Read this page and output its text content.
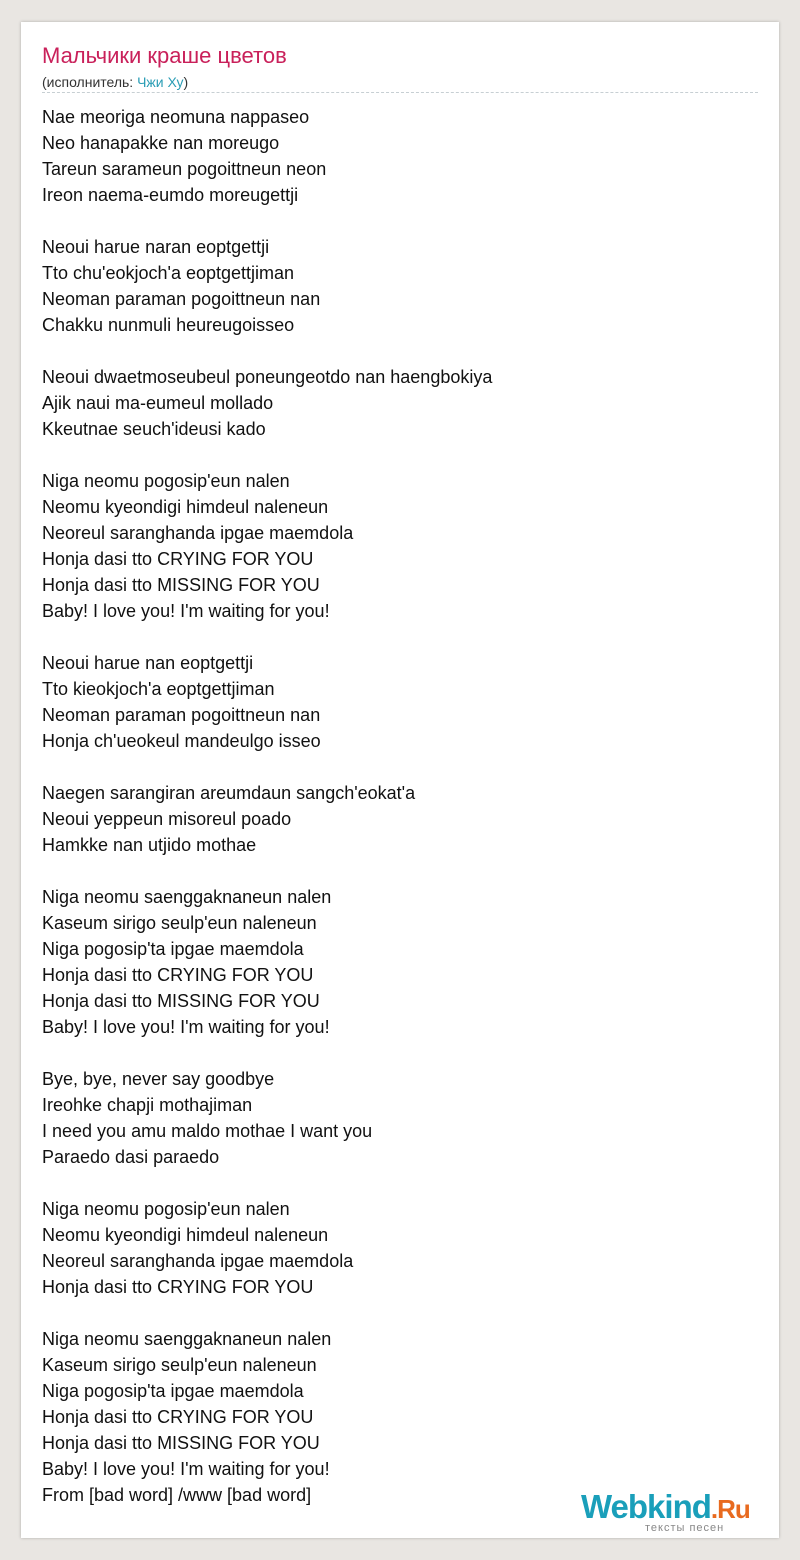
Мальчики краше цветов
(исполнитель: Чжи Ху)
Nae meoriga neomuna nappaseo
Neo hanapakke nan moreugo
Tareun sarameun pogoittneun neon
Ireon naema-eumdo moreugettji
Neoui harue naran eoptgettji
Tto chu'eokjoch'a eoptgettjiman
Neoman paraman pogoittneun nan
Chakku nunmuli heureugoisseo
Neoui dwaetmoseubeul poneungeotdo nan haengbokiya
Ajik naui ma-eumeul mollado
Kkeutnae seuch'ideusi kado
Niga neomu pogosip'eun nalen
Neomu kyeondigi himdeul naleneun
Neoreul saranghanda ipgae maemdola
Honja dasi tto CRYING FOR YOU
Honja dasi tto MISSING FOR YOU
Baby! I love you! I'm waiting for you!
Neoui harue nan eoptgettji
Tto kieokjoch'a eoptgettjiman
Neoman paraman pogoittneun nan
Honja ch'ueokeul mandeulgo isseo
Naegen sarangiran areumdaun sangch'eokat'a
Neoui yeppeun misoreul poado
Hamkke nan utjido mothae
Niga neomu saenggaknaneun nalen
Kaseum sirigo seulp'eun naleneun
Niga pogosip'ta ipgae maemdola
Honja dasi tto CRYING FOR YOU
Honja dasi tto MISSING FOR YOU
Baby! I love you! I'm waiting for you!
Bye, bye, never say goodbye
Ireohke chapji mothajiman
I need you amu maldo mothae I want you
Paraedo dasi paraedo
Niga neomu pogosip'eun nalen
Neomu kyeondigi himdeul naleneun
Neoreul saranghanda ipgae maemdola
Honja dasi tto CRYING FOR YOU
Niga neomu saenggaknaneun nalen
Kaseum sirigo seulp'eun naleneun
Niga pogosip'ta ipgae maemdola
Honja dasi tto CRYING FOR YOU
Honja dasi tto MISSING FOR YOU
Baby! I love you! I'm waiting for you!
From [bad word] /www [bad word]	Webkind.Ru
тексты песен
